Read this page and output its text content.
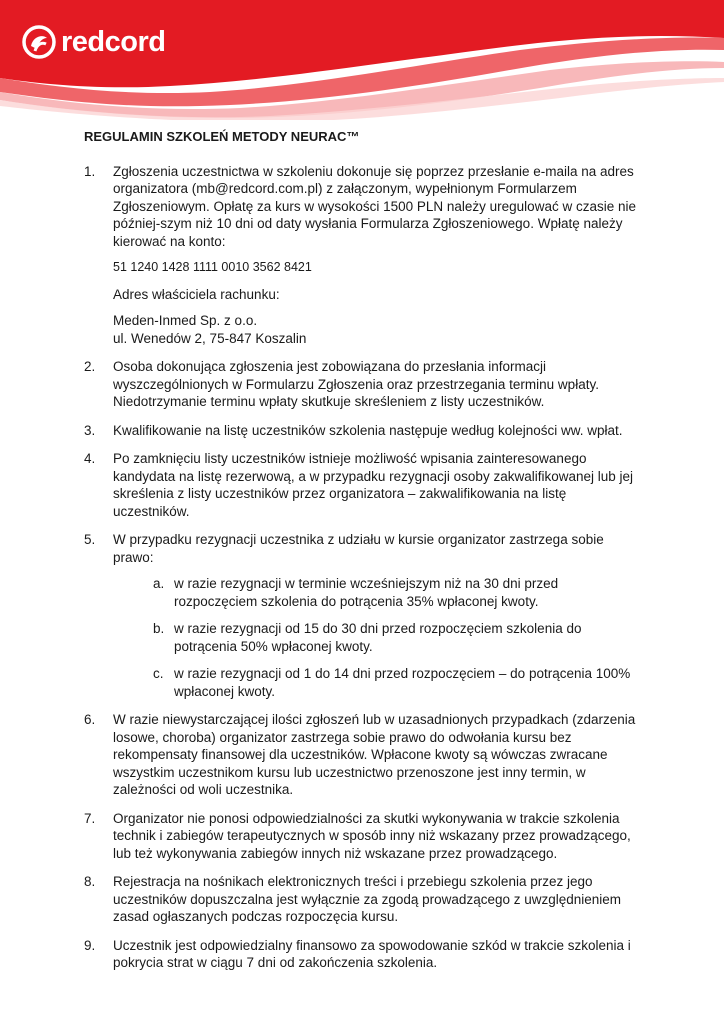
redcord
REGULAMIN SZKOLEŃ METODY NEURAC™
1. Zgłoszenia uczestnictwa w szkoleniu dokonuje się poprzez przesłanie e-maila na adres organizatora (mb@redcord.com.pl) z załączonym, wypełnionym Formularzem Zgłoszeniowym. Opłatę za kurs w wysokości 1500 PLN należy uregulować w czasie nie później-szym niż 10 dni od daty wysłania Formularza Zgłoszeniowego. Wpłatę należy kierować na konto:

51 1240 1428 1111 0010 3562 8421

Adres właściciela rachunku:

Meden-Inmed Sp. z o.o.

ul. Wenedów 2, 75-847 Koszalin

2. Osoba dokonująca zgłoszenia jest zobowiązana do przesłania informacji wyszczególnionych w Formularzu Zgłoszenia oraz przestrzegania terminu wpłaty. Niedotrzymanie terminu wpłaty skutkuje skreśleniem z listy uczestników.

3. Kwalifikowanie na listę uczestników szkolenia następuje według kolejności ww. wpłat.

4. Po zamknięciu listy uczestników istnieje możliwość wpisania zainteresowanego kandydata na listę rezerwową, a w przypadku rezygnacji osoby zakwalifikowanej lub jej skreślenia z listy uczestników przez organizatora – zakwalifikowania na listę uczestników.

5. W przypadku rezygnacji uczestnika z udziału w kursie organizator zastrzega sobie prawo:

a. w razie rezygnacji w terminie wcześniejszym niż na 30 dni przed rozpoczęciem szkolenia do potrącenia 35% wpłaconej kwoty.
b. w razie rezygnacji od 15 do 30 dni przed rozpoczęciem szkolenia do potrącenia 50% wpłaconej kwoty.
c. w razie rezygnacji od 1 do 14 dni przed rozpoczęciem – do potrącenia 100% wpłaconej kwoty.
6. W razie niewystarczającej ilości zgłoszeń lub w uzasadnionych przypadkach (zdarzenia losowe, choroba) organizator zastrzega sobie prawo do odwołania kursu bez rekompensaty finansowej dla uczestników. Wpłacone kwoty są wówczas zwracane wszystkim uczestnikom kursu lub uczestnictwo przenoszone jest inny termin, w zależności od woli uczestnika.

7. Organizator nie ponosi odpowiedzialności za skutki wykonywania w trakcie szkolenia technik i zabiegów terapeutycznych w sposób inny niż wskazany przez prowadzącego, lub też wykonywania zabiegów innych niż wskazane przez prowadzącego.

8. Rejestracja na nośnikach elektronicznych treści i przebiegu szkolenia przez jego uczestników dopuszczalna jest wyłącznie za zgodą prowadzącego z uwzględnieniem zasad ogłaszanych podczas rozpoczęcia kursu.

9. Uczestnik jest odpowiedzialny finansowo za spowodowanie szkód w trakcie szkolenia i pokrycia strat w ciągu 7 dni od zakończenia szkolenia.
